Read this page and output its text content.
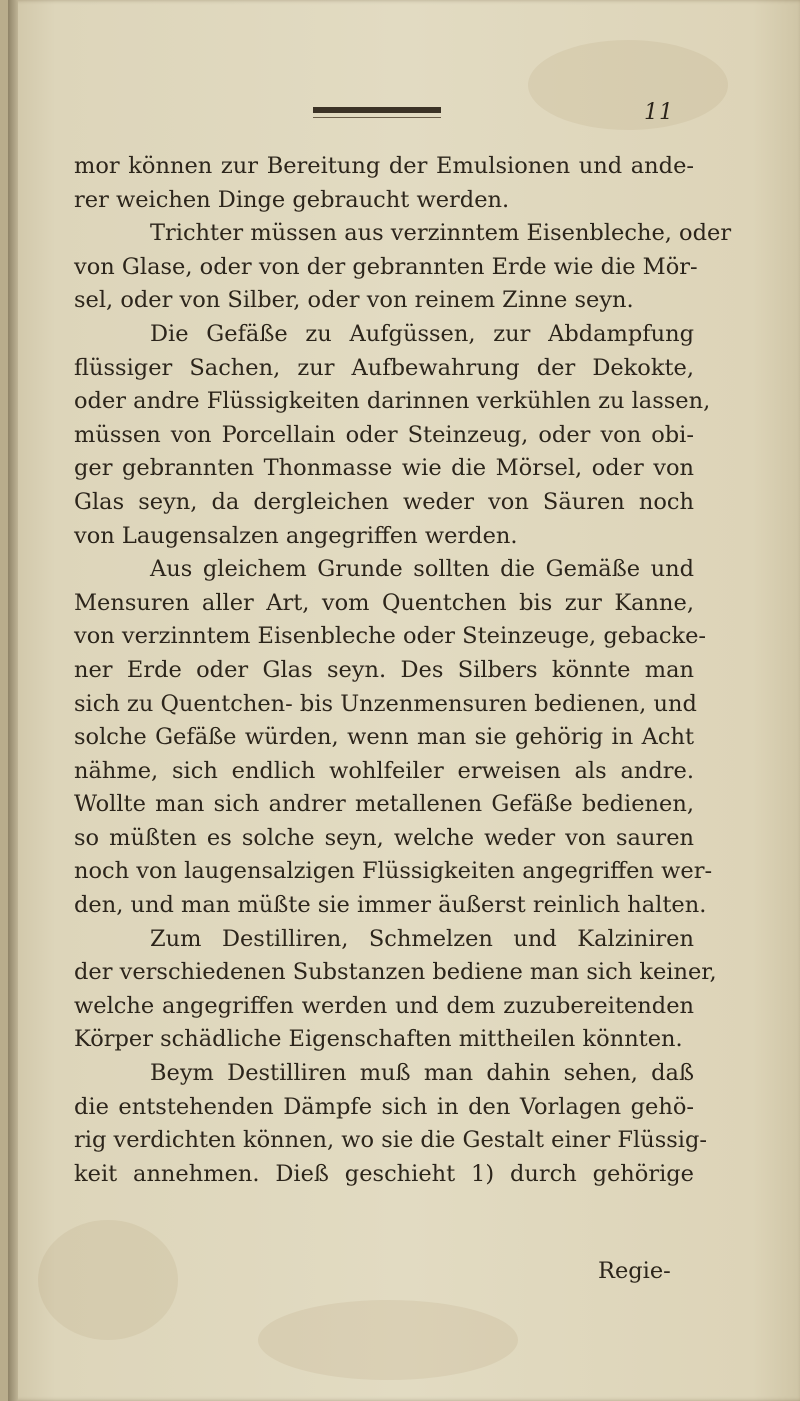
11
mor können zur Bereitung der Emulsionen und ande-
rer weichen Dinge gebraucht werden.
Trichter müssen aus verzinntem Eisenbleche, oder
von Glase, oder von der gebrannten Erde wie die Mör-
sel, oder von Silber, oder von reinem Zinne seyn.
Die Gefäße zu Aufgüssen, zur Abdampfung
flüssiger Sachen, zur Aufbewahrung der Dekokte,
oder andre Flüssigkeiten darinnen verkühlen zu lassen,
müssen von Porcellain oder Steinzeug, oder von obi-
ger gebrannten Thonmasse wie die Mörsel, oder von
Glas seyn, da dergleichen weder von Säuren noch
von Laugensalzen angegriffen werden.
Aus gleichem Grunde sollten die Gemäße und
Mensuren aller Art, vom Quentchen bis zur Kanne,
von verzinntem Eisenbleche oder Steinzeuge, gebacke-
ner Erde oder Glas seyn. Des Silbers könnte man
sich zu Quentchen- bis Unzenmensuren bedienen, und
solche Gefäße würden, wenn man sie gehörig in Acht
nähme, sich endlich wohlfeiler erweisen als andre.
Wollte man sich andrer metallenen Gefäße bedienen,
so müßten es solche seyn, welche weder von sauren
noch von laugensalzigen Flüssigkeiten angegriffen wer-
den, und man müßte sie immer äußerst reinlich halten.
Zum Destilliren, Schmelzen und Kalziniren
der verschiedenen Substanzen bediene man sich keiner,
welche angegriffen werden und dem zuzubereitenden
Körper schädliche Eigenschaften mittheilen könnten.
Beym Destilliren muß man dahin sehen, daß
die entstehenden Dämpfe sich in den Vorlagen gehö-
rig verdichten können, wo sie die Gestalt einer Flüssig-
keit annehmen. Dieß geschieht 1) durch gehörige
Regie-
